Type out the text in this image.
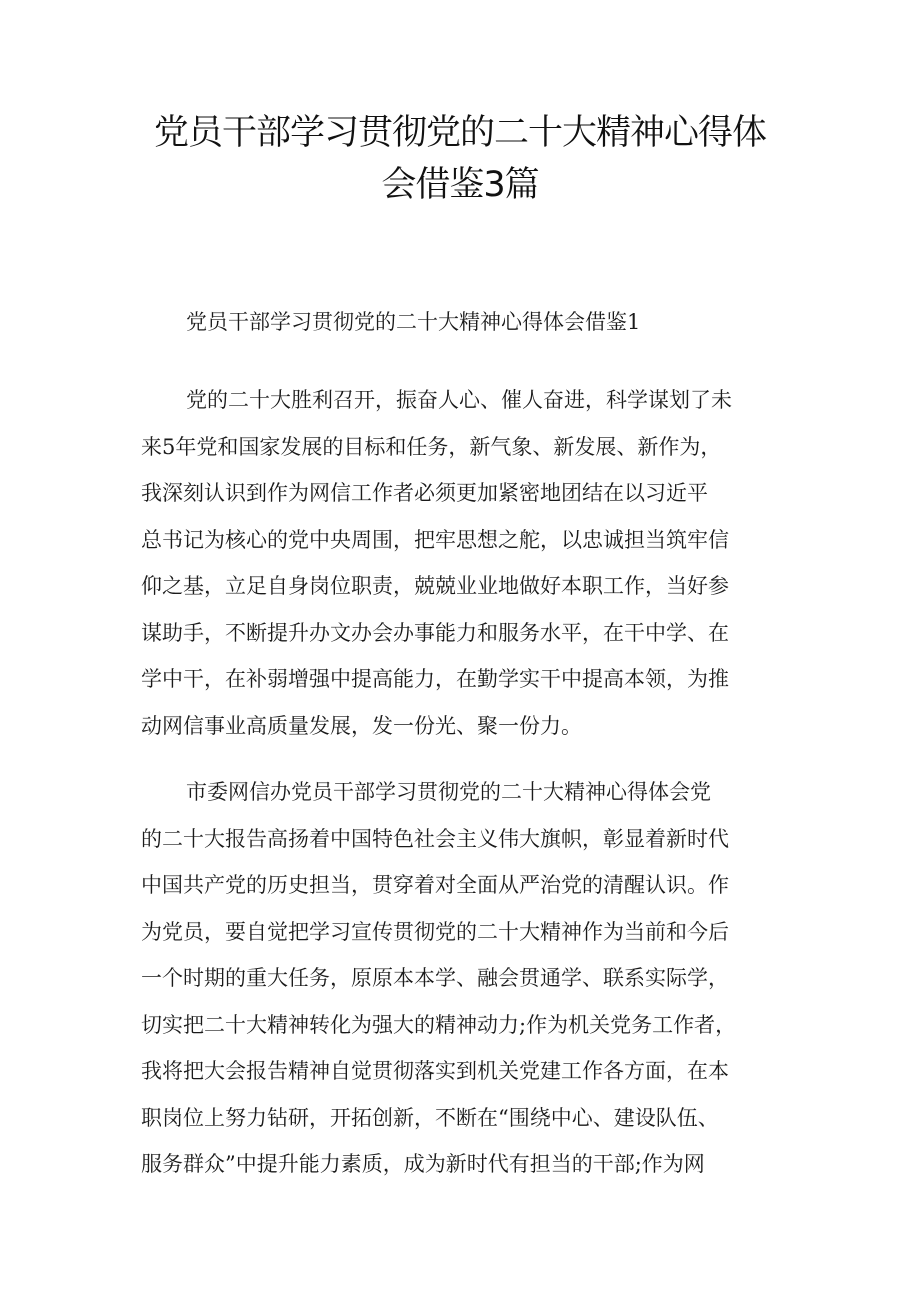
党员干部学习贯彻党的二十大精神心得体
会借鉴3篇

党员干部学习贯彻党的二十大精神心得体会借鉴1

党的二十大胜利召开，振奋人心、催人奋进，科学谋划了未
来5年党和国家发展的目标和任务，新气象、新发展、新作为，
我深刻认识到作为网信工作者必须更加紧密地团结在以习近平
总书记为核心的党中央周围，把牢思想之舵，以忠诚担当筑牢信
仰之基，立足自身岗位职责，兢兢业业地做好本职工作，当好参
谋助手，不断提升办文办会办事能力和服务水平，在干中学、在
学中干，在补弱增强中提高能力，在勤学实干中提高本领，为推
动网信事业高质量发展，发一份光、聚一份力。
市委网信办党员干部学习贯彻党的二十大精神心得体会党
的二十大报告高扬着中国特色社会主义伟大旗帜，彰显着新时代
中国共产党的历史担当，贯穿着对全面从严治党的清醒认识。作
为党员，要自觉把学习宣传贯彻党的二十大精神作为当前和今后
一个时期的重大任务，原原本本学、融会贯通学、联系实际学，
切实把二十大精神转化为强大的精神动力;作为机关党务工作者，
我将把大会报告精神自觉贯彻落实到机关党建工作各方面，在本
职岗位上努力钻研，开拓创新，不断在“围绕中心、建设队伍、
服务群众”中提升能力素质，成为新时代有担当的干部;作为网
